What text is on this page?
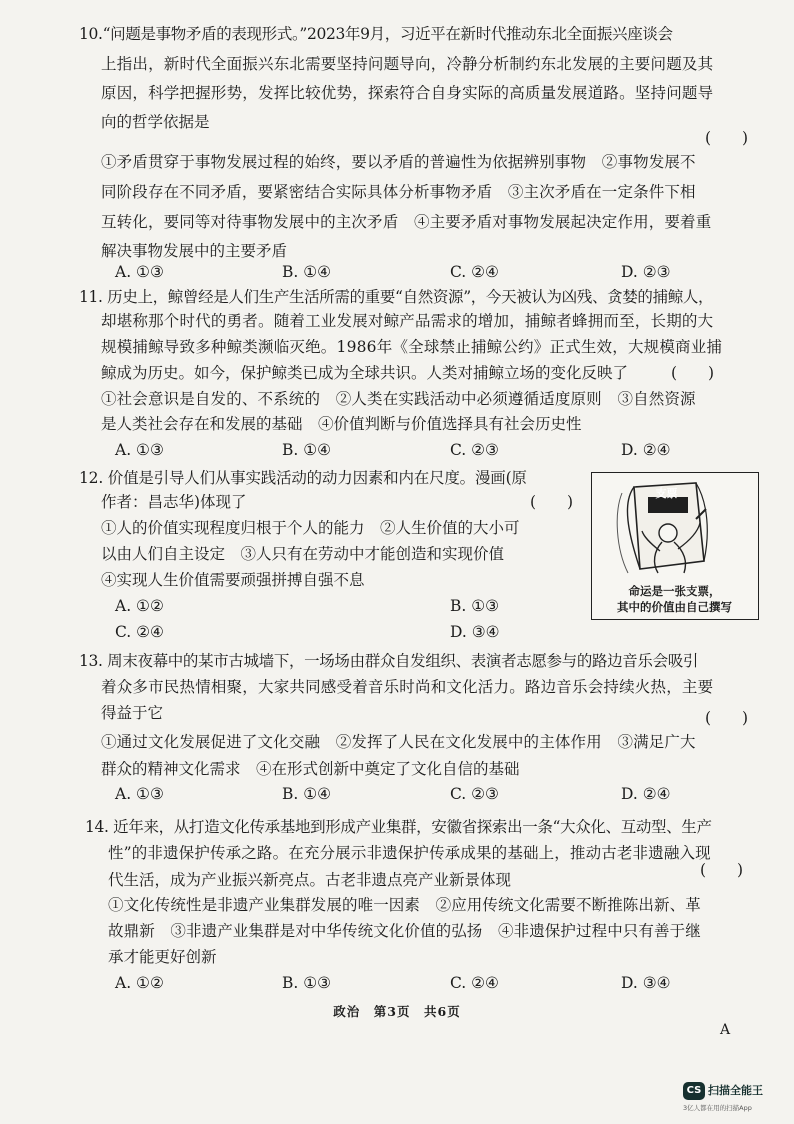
10.“问题是事物矛盾的表现形式。”2023年9月，习近平在新时代推动东北全面振兴座谈会
上指出，新时代全面振兴东北需要坚持问题导向，冷静分析制约东北发展的主要问题及其
原因，科学把握形势，发挥比较优势，探索符合自身实际的高质量发展道路。坚持问题导
向的哲学依据是
(　　)
①矛盾贯穿于事物发展过程的始终，要以矛盾的普遍性为依据辨别事物　②事物发展不
同阶段存在不同矛盾，要紧密结合实际具体分析事物矛盾　③主次矛盾在一定条件下相
互转化，要同等对待事物发展中的主次矛盾　④主要矛盾对事物发展起决定作用，要着重
解决事物发展中的主要矛盾
A. ①③	B. ①④	C. ②④	D. ②③
11. 历史上，鲸曾经是人们生产生活所需的重要“自然资源”，今天被认为凶残、贪婪的捕鲸人，
却堪称那个时代的勇者。随着工业发展对鲸产品需求的增加，捕鲸者蜂拥而至，长期的大
规模捕鲸导致多种鲸类濒临灭绝。1986年《全球禁止捕鲸公约》正式生效，大规模商业捕
鲸成为历史。如今，保护鲸类已成为全球共识。人类对捕鲸立场的变化反映了	(　　)
①社会意识是自发的、不系统的　②人类在实践活动中必须遵循适度原则　③自然资源
是人类社会存在和发展的基础　④价值判断与价值选择具有社会历史性
A. ①③	B. ①④	C. ②③	D. ②④
12. 价值是引导人们从事实践活动的动力因素和内在尺度。漫画(原
作者：昌志华)体现了	(　　)
①人的价值实现程度归根于个人的能力　②人生价值的大小可
以由人们自主设定　③人只有在劳动中才能创造和实现价值
④实现人生价值需要顽强拼搏自强不息
A. ①②	B. ①③
C. ②④	D. ③④
支票
命运是一张支票，
其中的价值由自己撰写
13. 周末夜幕中的某市古城墙下，一场场由群众自发组织、表演者志愿参与的路边音乐会吸引
着众多市民热情相聚，大家共同感受着音乐时尚和文化活力。路边音乐会持续火热，主要
得益于它	(　　)
①通过文化发展促进了文化交融　②发挥了人民在文化发展中的主体作用　③满足广大
群众的精神文化需求　④在形式创新中奠定了文化自信的基础
A. ①③	B. ①④	C. ②③	D. ②④
14. 近年来，从打造文化传承基地到形成产业集群，安徽省探索出一条“大众化、互动型、生产
性”的非遗保护传承之路。在充分展示非遗保护传承成果的基础上，推动古老非遗融入现
代生活，成为产业振兴新亮点。古老非遗点亮产业新景体现
(　　)
①文化传统性是非遗产业集群发展的唯一因素　②应用传统文化需要不断推陈出新、革
故鼎新　③非遗产业集群是对中华传统文化价值的弘扬　④非遗保护过程中只有善于继
承才能更好创新
A. ①②	B. ①③	C. ②④	D. ③④
政治　第3页　共6页
A
CS 扫描全能王
3亿人都在用的扫描App
